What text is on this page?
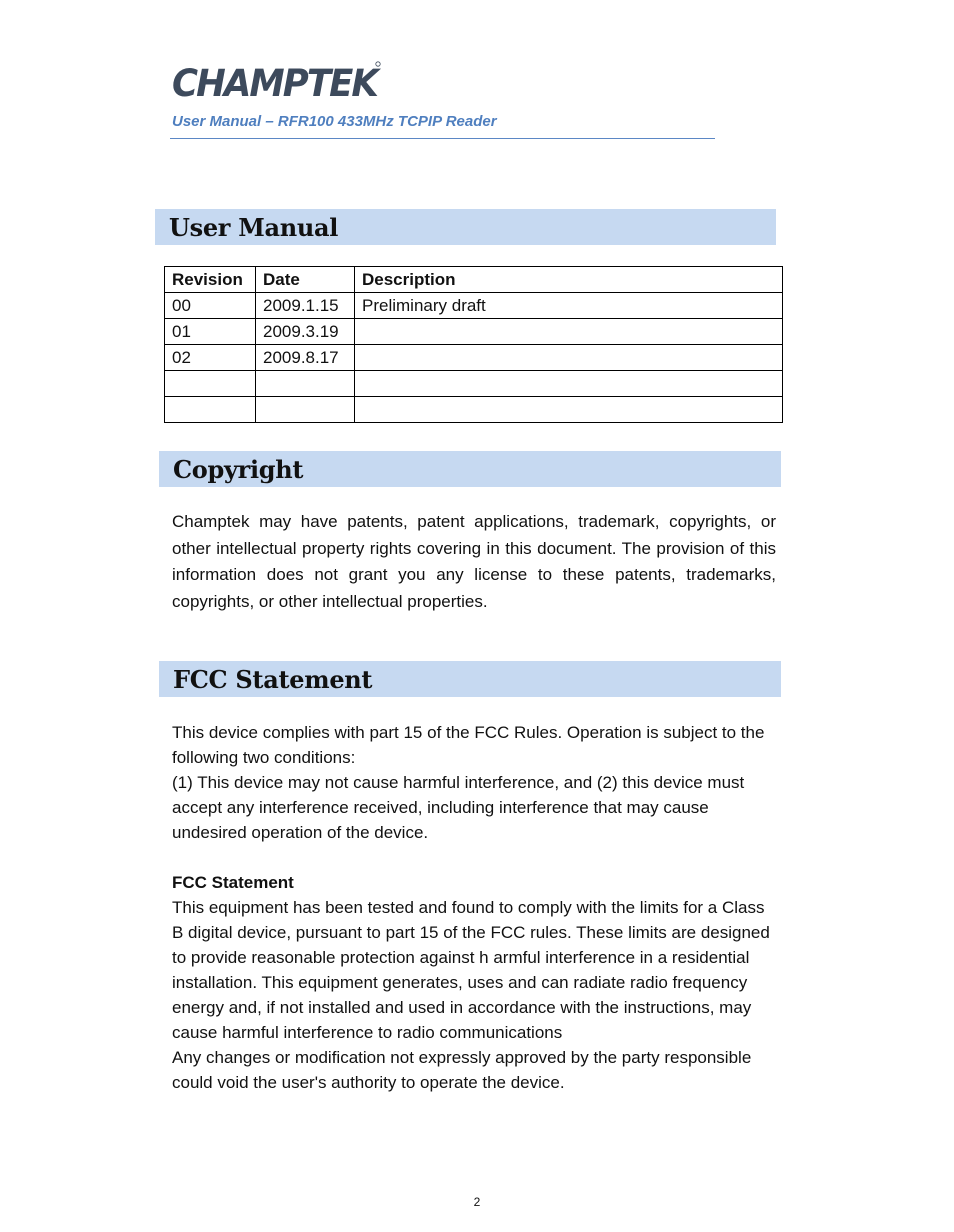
CHAMPTEK
User Manual – RFR100 433MHz TCPIP Reader
User Manual
Revision	Date	Description
00	2009.1.15	Preliminary draft
01	2009.3.19	
02	2009.8.17	

Copyright
Champtek may have patents, patent applications, trademark, copyrights, or other intellectual property rights covering in this document. The provision of this information does not grant you any license to these patents, trademarks, copyrights, or other intellectual properties.
FCC Statement

This device complies with part 15 of the FCC Rules. Operation is subject to the following two conditions:

(1) This device may not cause harmful interference, and (2) this device must accept any interference received, including interference that may cause undesired operation of the device.

FCC Statement

This equipment has been tested and found to comply with the limits for a Class B digital device, pursuant to part 15 of the FCC rules. These limits are designed to provide reasonable protection against h armful interference in a residential installation. This equipment generates, uses and can radiate radio frequency energy and, if not installed and used in accordance with the instructions, may cause harmful interference to radio communications

Any changes or modification not expressly approved by the party responsible could void the user's authority to operate the device.

2
